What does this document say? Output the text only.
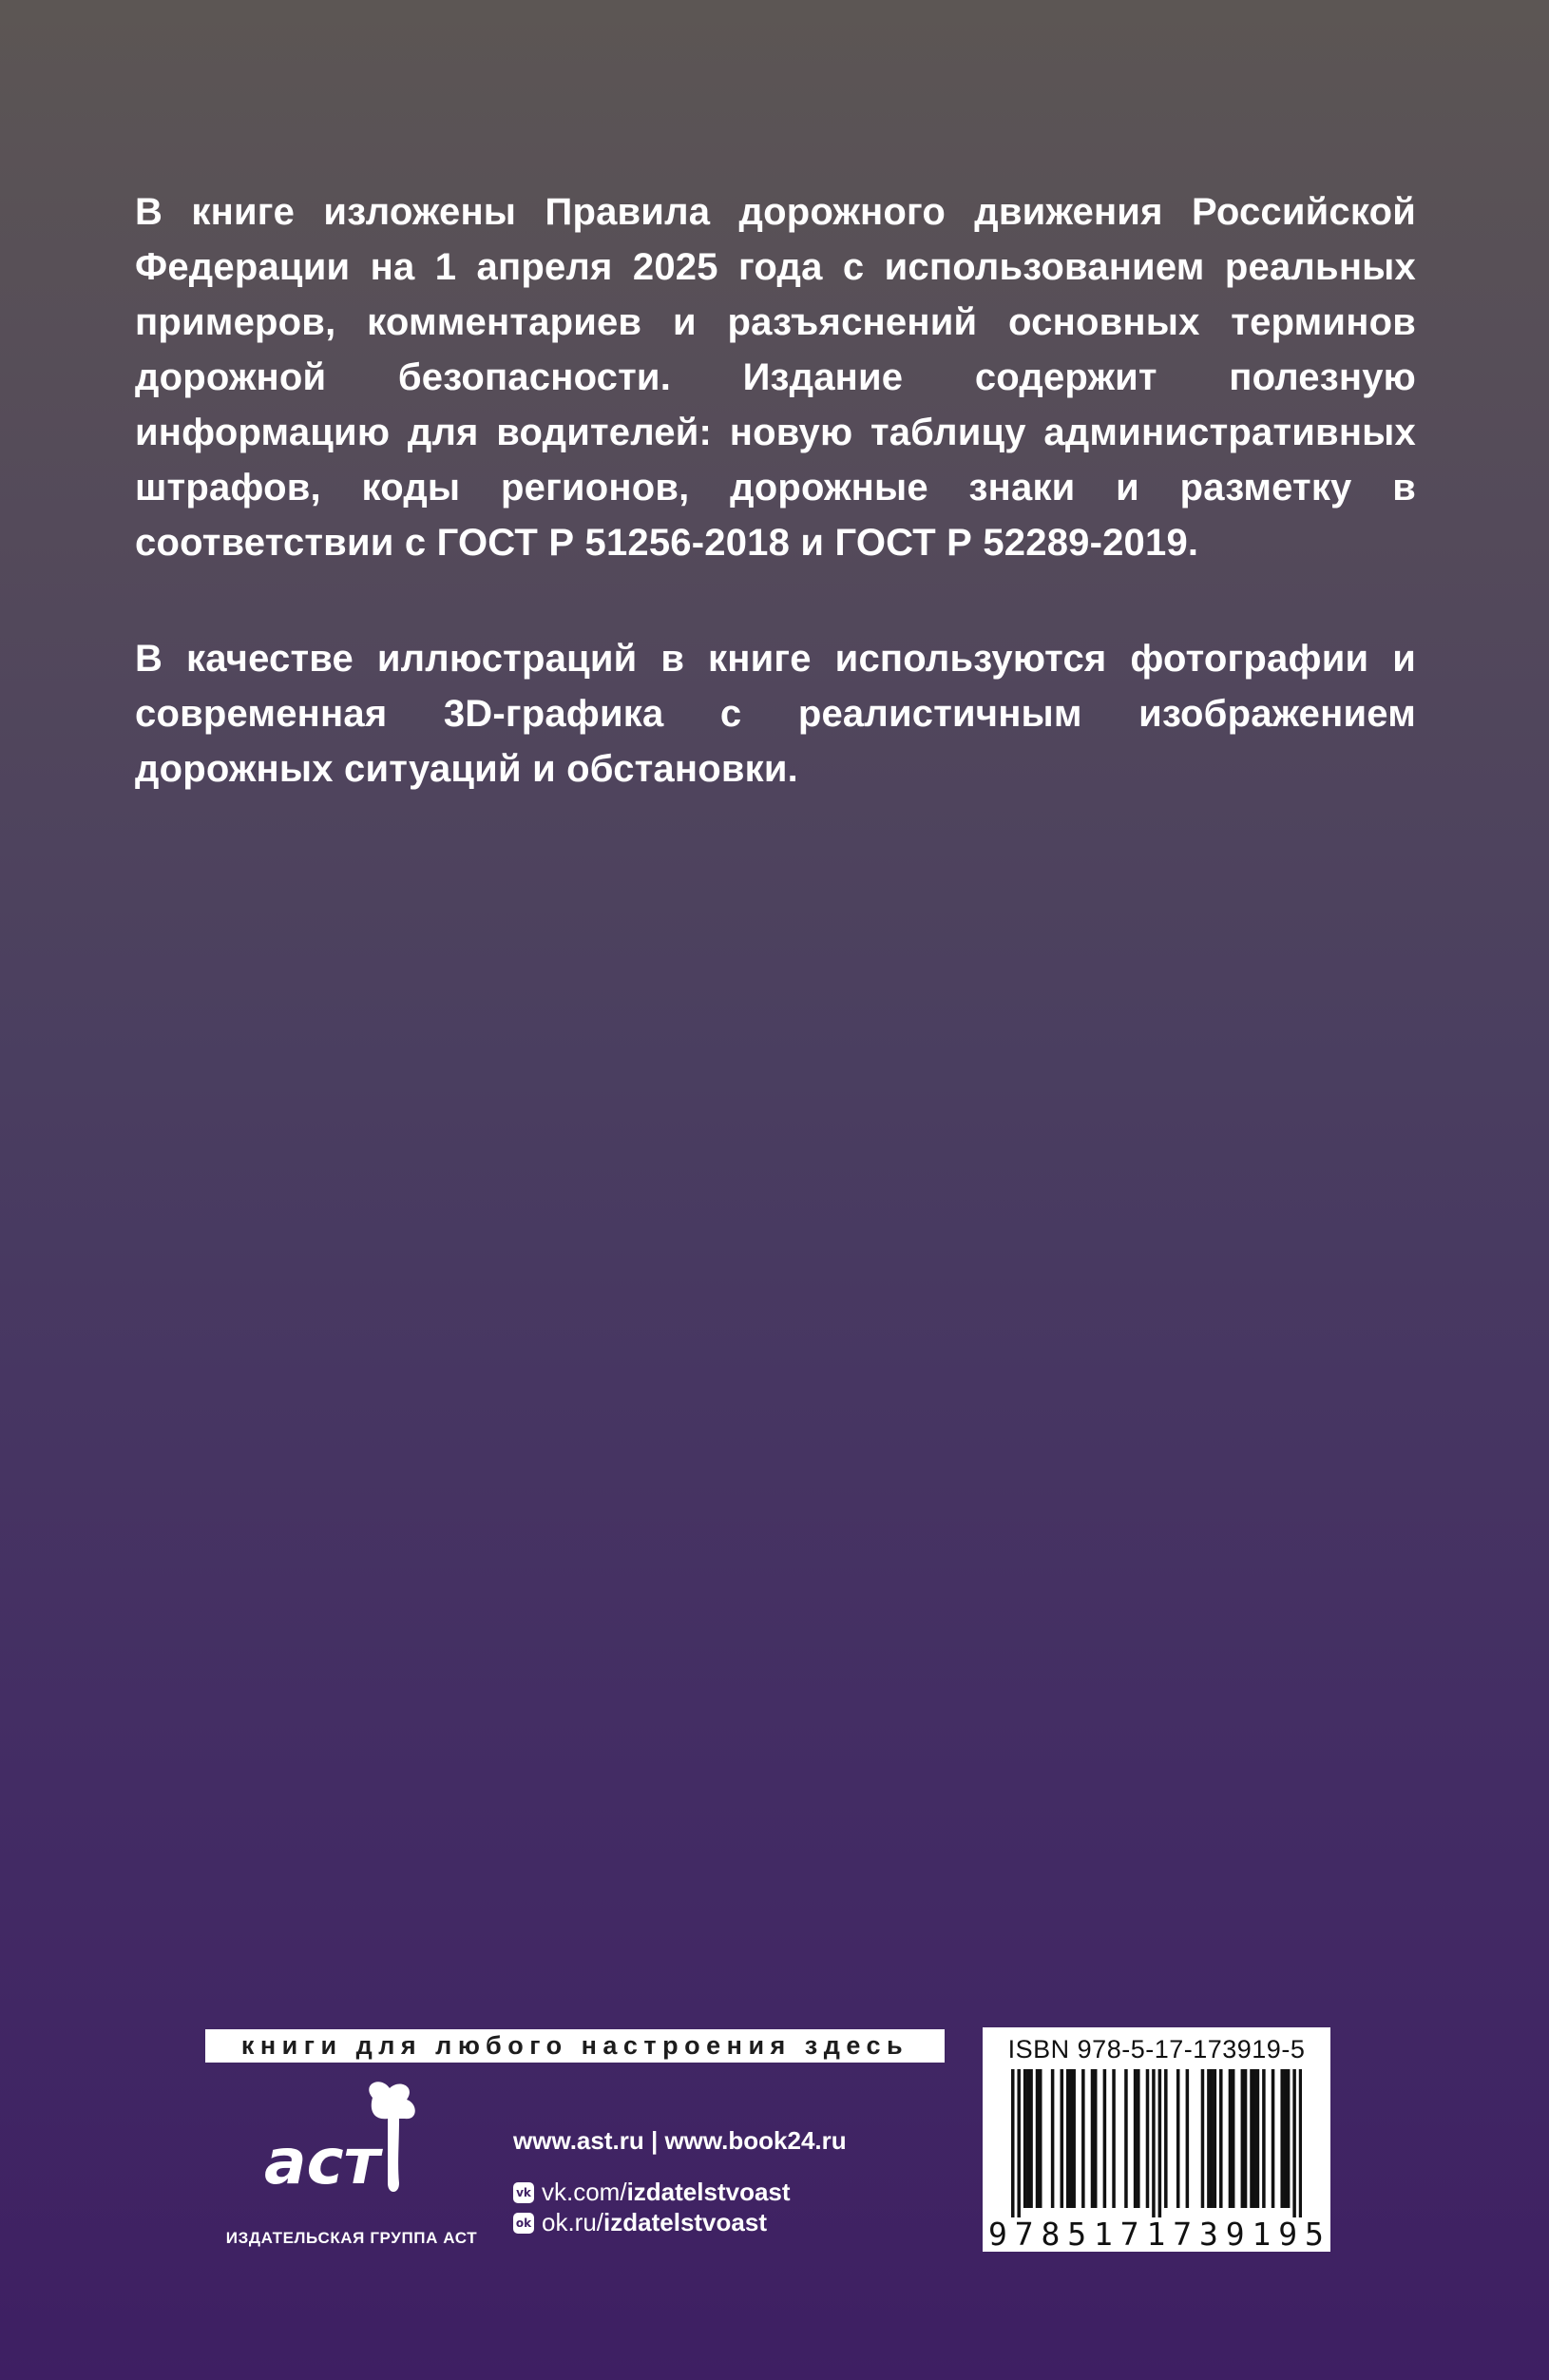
В книге изложены Правила дорожного движения Российской Федерации на 1 апреля 2025 года с использованием реальных примеров, комментариев и разъяснений основных терминов дорожной безопасности. Издание содержит полезную информацию для водителей: новую таблицу административных штрафов, коды регионов, дорожные знаки и разметку в соответствии с ГОСТ Р 51256-2018 и ГОСТ Р 52289-2019.

В качестве иллюстраций в книге используются фотографии и современная 3D-графика с реалистичным изображением дорожных ситуаций и обстановки.

книги для любого настроения здесь
аст
ИЗДАТЕЛЬСКАЯ ГРУППА АСТ
www.ast.ru | www.book24.ru
vk vk.com/ izdatelstvoast
ok ok.ru/ izdatelstvoast
ISBN 978-5-17-173919-5
9 7 8 5 1 7 1 7 3 9 1 9 5
